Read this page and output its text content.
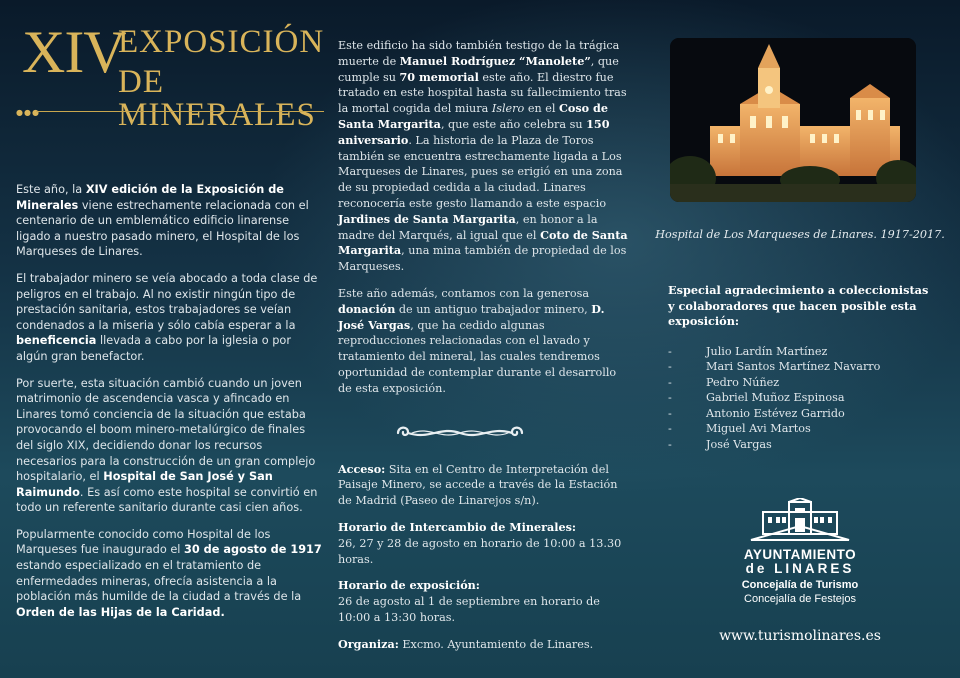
XIV
EXPOSICIÓN
DE MINERALES
●●●

Este año, la XIV edición de la Exposición de Minerales viene estrechamente relacionada con el centenario de un emblemático edificio linarense ligado a nuestro pasado minero, el Hospital de los Marqueses de Linares.

El trabajador minero se veía abocado a toda clase de peligros en el trabajo. Al no existir ningún tipo de prestación sanitaria, estos trabajadores se veían condenados a la miseria y sólo cabía esperar a la beneficencia llevada a cabo por la iglesia o por algún gran benefactor.

Por suerte, esta situación cambió cuando un joven matrimonio de ascendencia vasca y afincado en Linares tomó conciencia de la situación que estaba provocando el boom minero-metalúrgico de finales del siglo XIX, decidiendo donar los recursos necesarios para la construcción de un gran complejo hospitalario, el Hospital de San José y San Raimundo. Es así como este hospital se convirtió en todo un referente sanitario durante casi cien años.

Popularmente conocido como Hospital de los Marqueses fue inaugurado el 30 de agosto de 1917 estando especializado en el tratamiento de enfermedades mineras, ofrecía asistencia a la población más humilde de la ciudad a través de la Orden de las Hijas de la Caridad.

Este edificio ha sido también testigo de la trágica muerte de Manuel Rodríguez “Manolete”, que cumple su 70 memorial este año. El diestro fue tratado en este hospital hasta su fallecimiento tras la mortal cogida del miura Islero en el Coso de Santa Margarita, que este año celebra su 150 aniversario. La historia de la Plaza de Toros también se encuentra estrechamente ligada a Los Marqueses de Linares, pues se erigió en una zona de su propiedad cedida a la ciudad. Linares reconocería este gesto llamando a este espacio Jardines de Santa Margarita, en honor a la madre del Marqués, al igual que el Coto de Santa Margarita, una mina también de propiedad de los Marqueses.

Este año además, contamos con la generosa donación de un antiguo trabajador minero, D. José Vargas, que ha cedido algunas reproducciones relacionadas con el lavado y tratamiento del mineral, las cuales tendremos oportunidad de contemplar durante el desarrollo de esta exposición.

Acceso: Sita en el Centro de Interpretación del Paisaje Minero, se accede a través de la Estación de Madrid (Paseo de Linarejos s/n).

Horario de Intercambio de Minerales:
26, 27 y 28 de agosto en horario de 10:00 a 13.30 horas.

Horario de exposición:
26 de agosto al 1 de septiembre en horario de 10:00 a 13:30 horas.

Organiza: Excmo. Ayuntamiento de Linares.

Hospital de Los Marqueses de Linares. 1917-2017.
Especial agradecimiento a coleccionistas
y colaboradores que hacen posible esta exposición:
-	Julio Lardín Martínez
-	Mari Santos Martínez Navarro
-	Pedro Núñez
-	Gabriel Muñoz Espinosa
-	Antonio Estévez Garrido
-	Miguel Avi Martos
-	José Vargas
AYUNTAMIENTO
de LINARES
Concejalía de Turismo
Concejalía de Festejos
www.turismolinares.es
